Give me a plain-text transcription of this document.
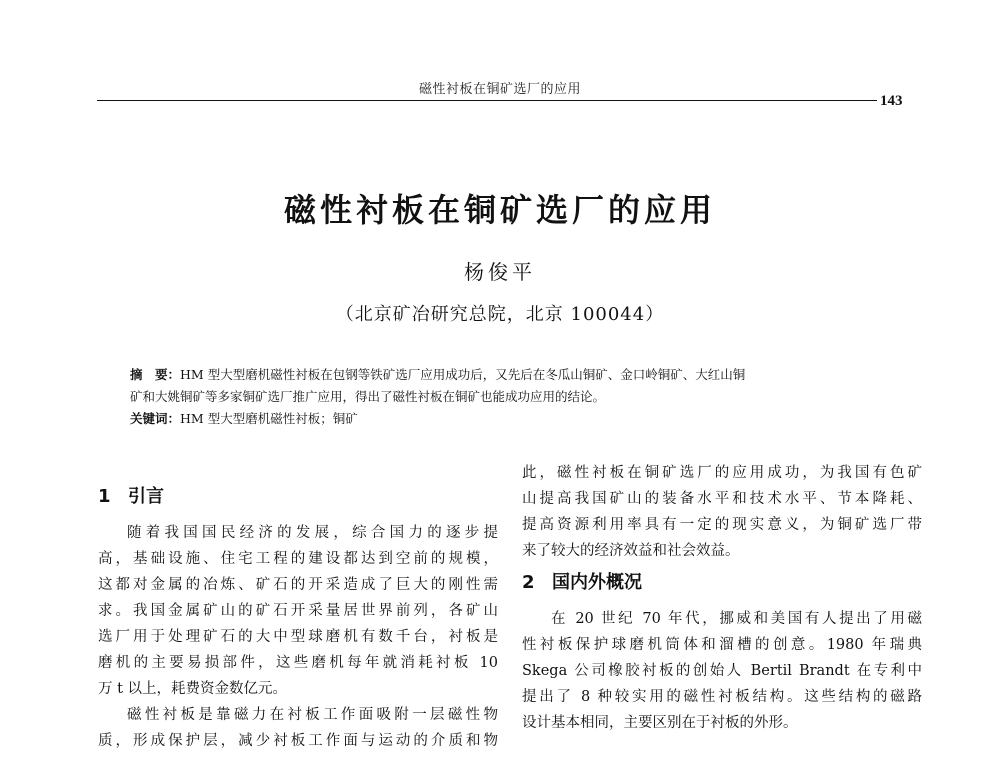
磁性衬板在铜矿选厂的应用
143
磁性衬板在铜矿选厂的应用
杨俊平
（北京矿冶研究总院，北京 100044）
摘　要：HM 型大型磨机磁性衬板在包钢等铁矿选厂应用成功后，又先后在冬瓜山铜矿、金口岭铜矿、大红山铜
矿和大姚铜矿等多家铜矿选厂推广应用，得出了磁性衬板在铜矿也能成功应用的结论。
关键词：HM 型大型磨机磁性衬板；铜矿
1 引言
随着我国国民经济的发展，综合国力的逐步提
高，基础设施、住宅工程的建设都达到空前的规模，
这都对金属的冶炼、矿石的开采造成了巨大的刚性需
求。我国金属矿山的矿石开采量居世界前列，各矿山
选厂用于处理矿石的大中型球磨机有数千台，衬板是
磨机的主要易损部件，这些磨机每年就消耗衬板 10
万 t 以上，耗费资金数亿元。
磁性衬板是靠磁力在衬板工作面吸附一层磁性物
质，形成保护层，减少衬板工作面与运动的介质和物
此，磁性衬板在铜矿选厂的应用成功，为我国有色矿
山提高我国矿山的装备水平和技术水平、节本降耗、
提高资源利用率具有一定的现实意义，为铜矿选厂带
来了较大的经济效益和社会效益。
2 国内外概况
在 20 世纪 70 年代，挪威和美国有人提出了用磁
性衬板保护球磨机筒体和溜槽的创意。1980 年瑞典
Skega 公司橡胶衬板的创始人 Bertil Brandt 在专利中
提出了 8 种较实用的磁性衬板结构。这些结构的磁路
设计基本相同，主要区别在于衬板的外形。
